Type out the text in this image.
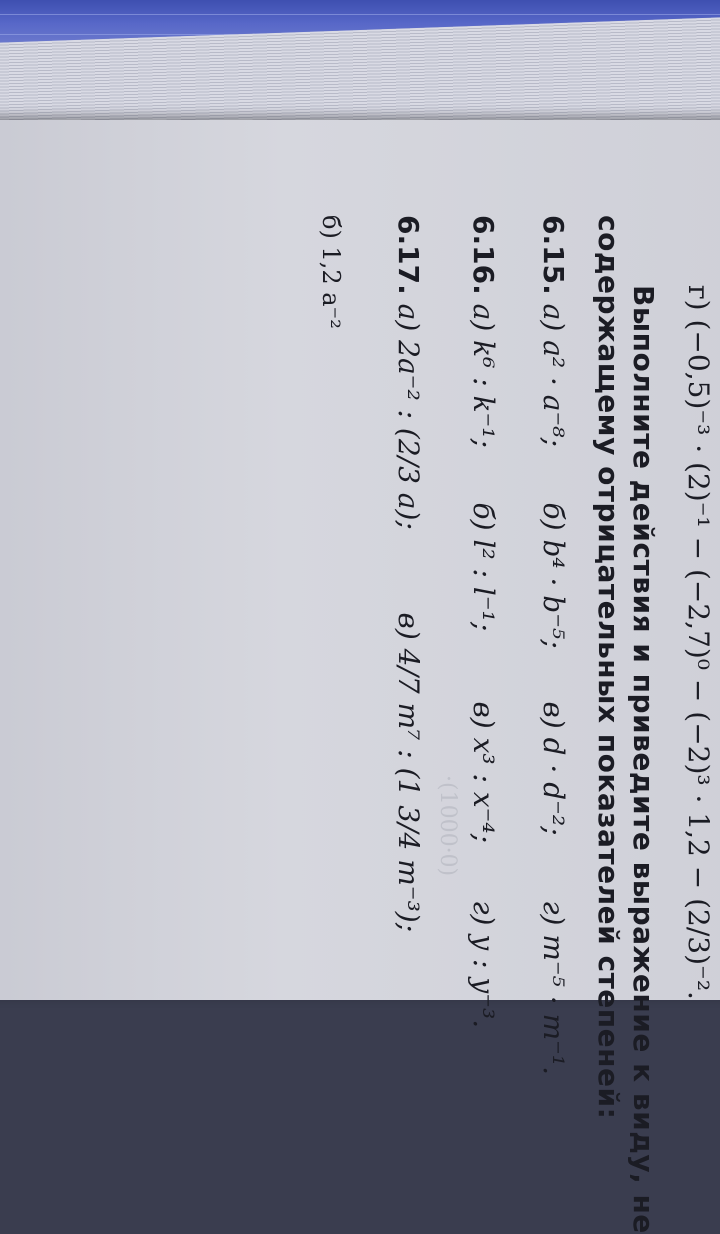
г) (−0,5)⁻³ · (2)⁻¹ − (−2,7)⁰ − (−2)³ · 1,2 − (2/3)⁻².
Выполните действия и приведите выражение к виду, не
содержащему отрицательных показателей степеней:
6.15. а) a² · a⁻⁸; б) b⁴ · b⁻⁵; в) d · d⁻²; г) m⁻⁵ · m⁻¹.
6.16. а) k⁶ : k⁻¹; б) l² : l⁻¹; в) x³ : x⁻⁴; г) y : y⁻³.
6.17. а) 2a⁻² : (2/3 a); в) 4/7 m⁷ : (1 3/4 m⁻³);
б) 1,2 a⁻²
·(1000·0)
